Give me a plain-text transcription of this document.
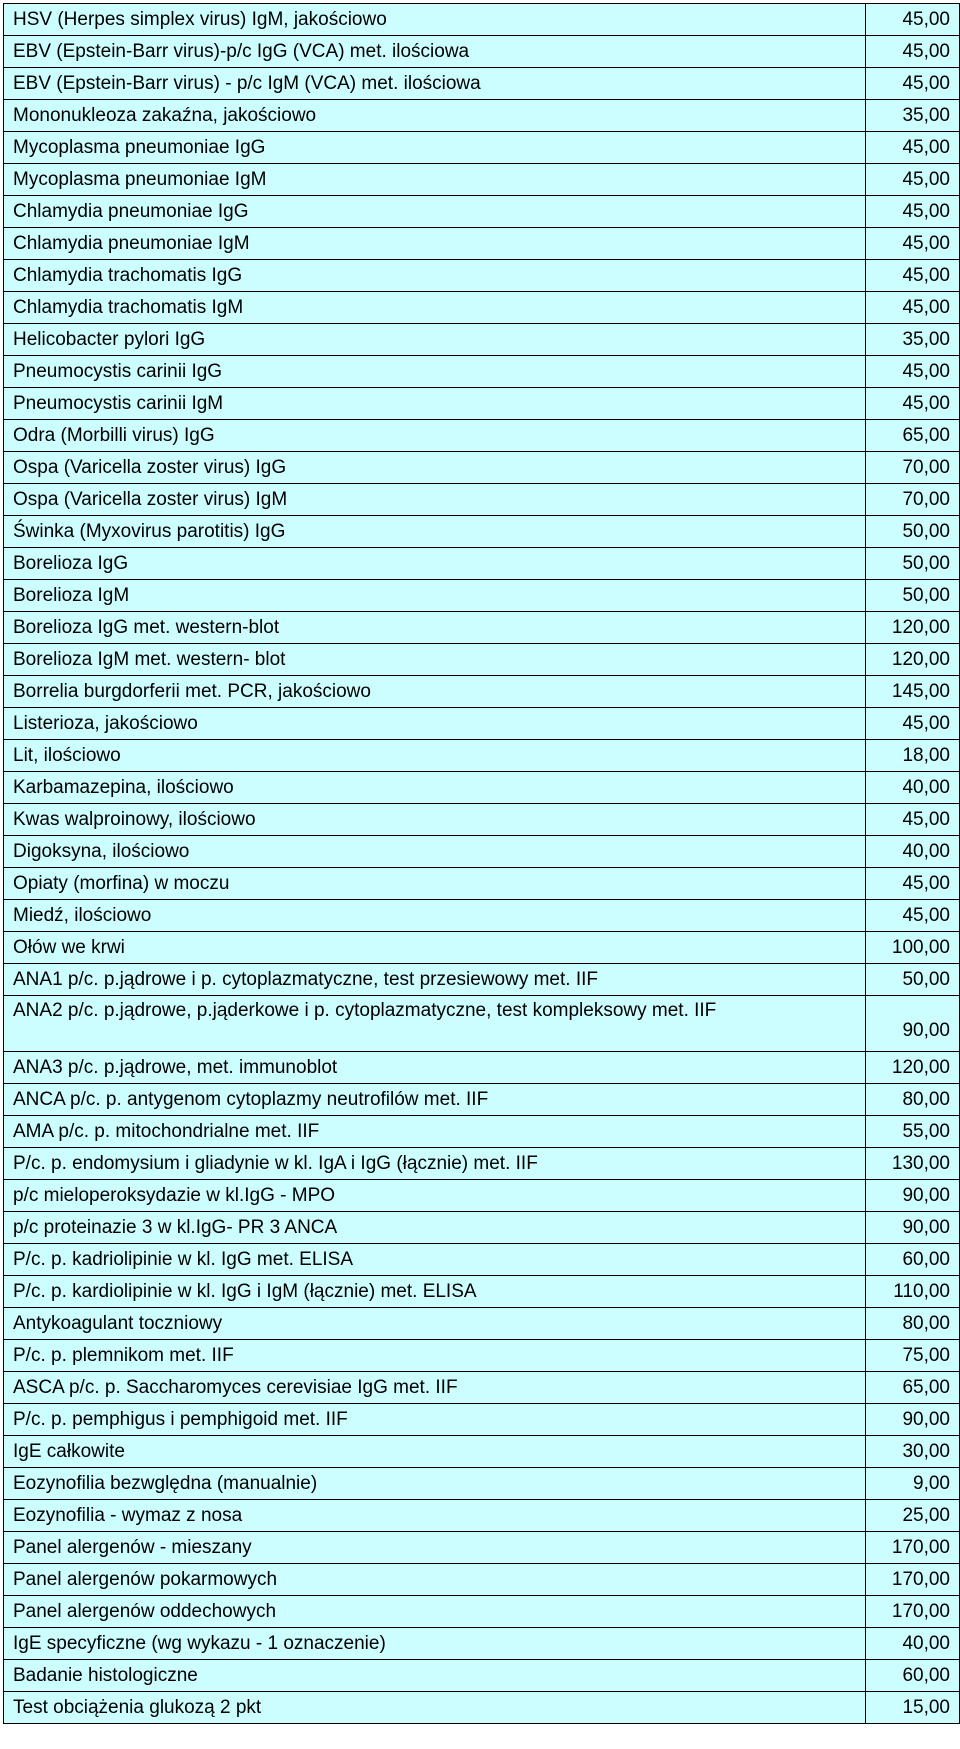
HSV (Herpes simplex virus) IgM, jakościowo	45,00
EBV (Epstein-Barr virus)-p/c IgG (VCA) met. ilościowa	45,00
EBV (Epstein-Barr virus) - p/c IgM (VCA) met. ilościowa	45,00
Mononukleoza zakaźna, jakościowo	35,00
Mycoplasma pneumoniae IgG	45,00
Mycoplasma pneumoniae IgM	45,00
Chlamydia pneumoniae IgG	45,00
Chlamydia pneumoniae IgM	45,00
Chlamydia trachomatis IgG	45,00
Chlamydia trachomatis IgM	45,00
Helicobacter pylori IgG	35,00
Pneumocystis carinii IgG	45,00
Pneumocystis carinii IgM	45,00
Odra (Morbilli virus) IgG	65,00
Ospa (Varicella zoster virus) IgG	70,00
Ospa (Varicella zoster virus) IgM	70,00
Świnka (Myxovirus parotitis) IgG	50,00
Borelioza IgG	50,00
Borelioza IgM	50,00
Borelioza IgG met. western-blot	120,00
Borelioza IgM met. western- blot	120,00
Borrelia burgdorferii met. PCR, jakościowo	145,00
Listerioza, jakościowo	45,00
Lit, ilościowo	18,00
Karbamazepina, ilościowo	40,00
Kwas walproinowy, ilościowo	45,00
Digoksyna, ilościowo	40,00
Opiaty (morfina) w moczu	45,00
Miedź, ilościowo	45,00
Ołów we krwi	100,00
ANA1 p/c. p.jądrowe i p. cytoplazmatyczne, test przesiewowy met. IIF	50,00
ANA2 p/c. p.jądrowe, p.jąderkowe i p. cytoplazmatyczne, test kompleksowy met. IIF	90,00
ANA3 p/c. p.jądrowe, met. immunoblot	120,00
ANCA p/c. p. antygenom cytoplazmy neutrofilów met. IIF	80,00
AMA p/c. p. mitochondrialne met. IIF	55,00
P/c. p. endomysium i gliadynie w kl. IgA i IgG (łącznie) met. IIF	130,00
p/c mieloperoksydazie w kl.IgG - MPO	90,00
p/c proteinazie 3 w kl.IgG- PR 3 ANCA	90,00
P/c. p. kadriolipinie w kl. IgG met. ELISA	60,00
P/c. p. kardiolipinie w kl. IgG i IgM (łącznie) met. ELISA	110,00
Antykoagulant toczniowy	80,00
P/c. p. plemnikom met. IIF	75,00
ASCA p/c. p. Saccharomyces cerevisiae IgG met. IIF	65,00
P/c. p. pemphigus i pemphigoid met. IIF	90,00
IgE całkowite	30,00
Eozynofilia bezwględna (manualnie)	9,00
Eozynofilia - wymaz z nosa	25,00
Panel alergenów - mieszany	170,00
Panel alergenów pokarmowych	170,00
Panel alergenów oddechowych	170,00
IgE specyficzne (wg wykazu - 1 oznaczenie)	40,00
Badanie histologiczne	60,00
Test obciążenia glukozą 2 pkt	15,00
